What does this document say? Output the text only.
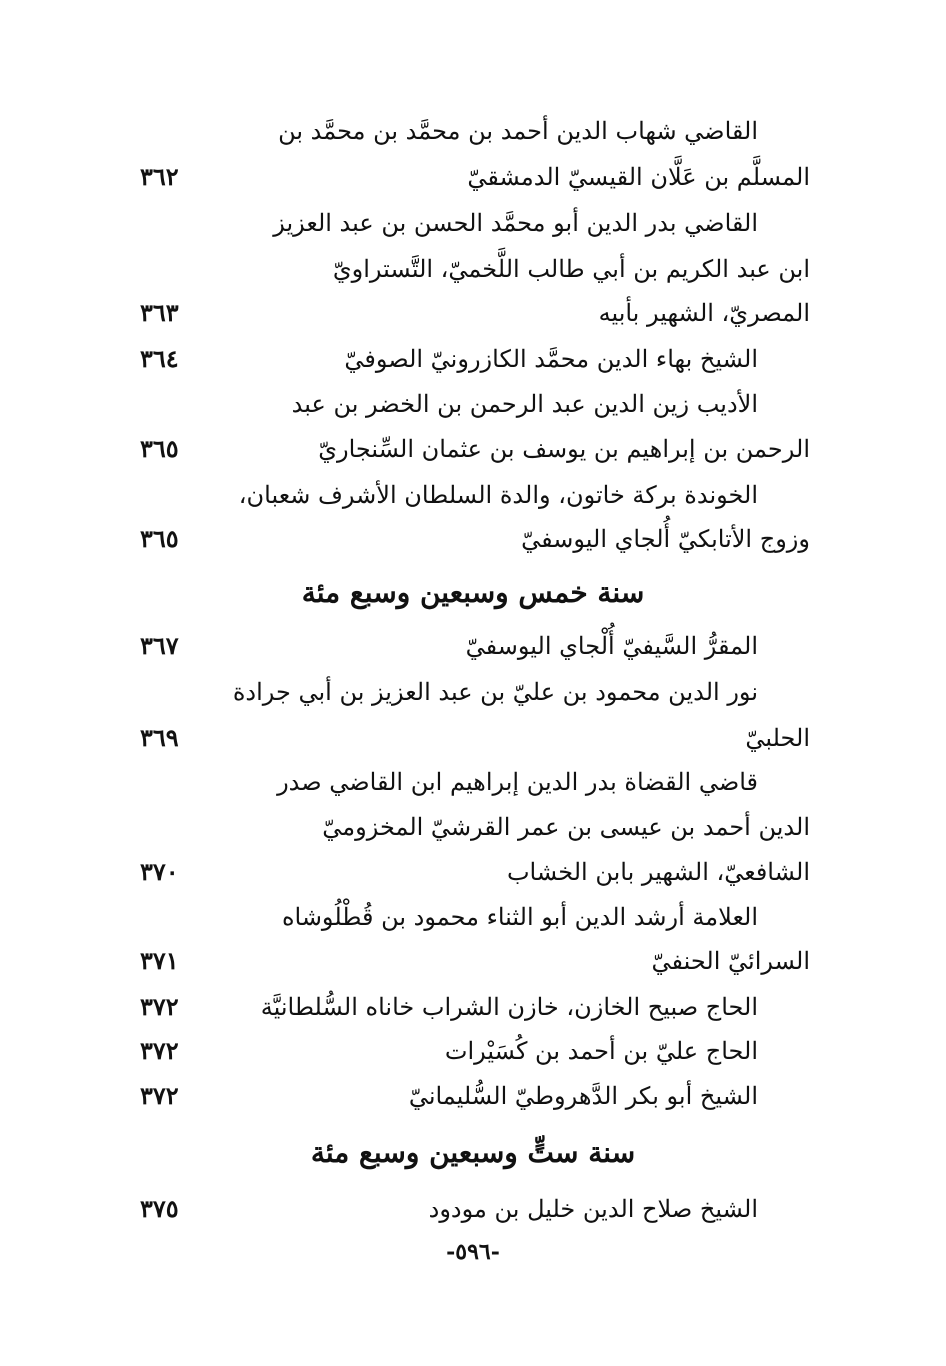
القاضي شهاب الدين أحمد بن محمَّد بن محمَّد بن
المسلَّم بن عَلَّان القيسيّ الدمشقيّ
٣٦٢
القاضي بدر الدين أبو محمَّد الحسن بن عبد العزيز
ابن عبد الكريم بن أبي طالب اللَّخميّ، التَّستراويّ
المصريّ، الشهير بأبيه
٣٦٣
الشيخ بهاء الدين محمَّد الكازرونيّ الصوفيّ
٣٦٤
الأديب زين الدين عبد الرحمن بن الخضر بن عبد
الرحمن بن إبراهيم بن يوسف بن عثمان السِّنجاريّ
٣٦٥
الخوندة بركة خاتون، والدة السلطان الأشرف شعبان،
وزوج الأتابكيّ أُلجاي اليوسفيّ
٣٦٥
سنة خمس وسبعين وسبع مئة
المقرُّ السَّيفيّ أُلْجاي اليوسفيّ
٣٦٧
نور الدين محمود بن عليّ بن عبد العزيز بن أبي جرادة
الحلبيّ
٣٦٩
قاضي القضاة بدر الدين إبراهيم ابن القاضي صدر
الدين أحمد بن عيسى بن عمر القرشيّ المخزوميّ
الشافعيّ، الشهير بابن الخشاب
٣٧٠
العلامة أرشد الدين أبو الثناء محمود بن قُطْلُوشاه
السرائيّ الحنفيّ
٣٧١
الحاج صبيح الخازن، خازن الشراب خاناه السُّلطانيَّة
٣٧٢
الحاج عليّ بن أحمد بن كُسَيْرات
٣٧٢
الشيخ أبو بكر الدَّهروطيّ السُّليمانيّ
٣٧٢
سنة ستٍّ وسبعين وسبع مئة
الشيخ صلاح الدين خليل بن مودود
٣٧٥
-٥٩٦-
